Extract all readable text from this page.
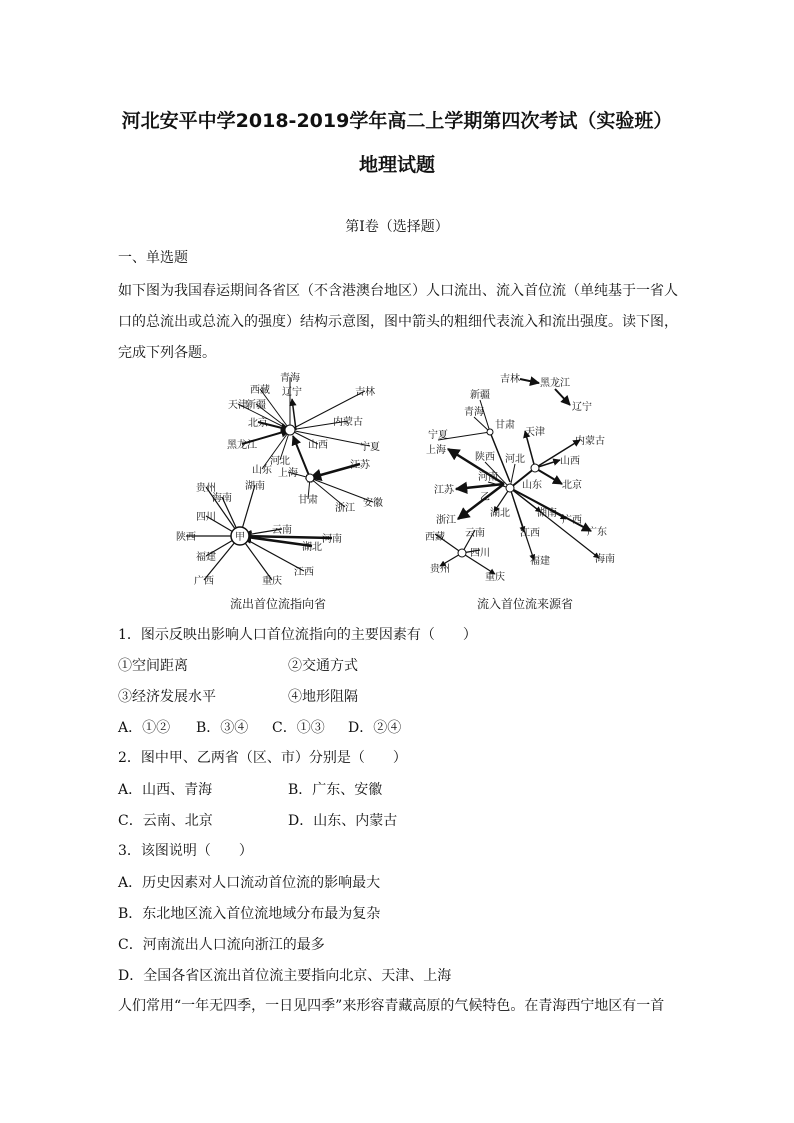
河北安平中学2018-2019学年高二上学期第四次考试（实验班）
地理试题
第Ⅰ卷（选择题）
一、单选题
如下图为我国春运期间各省区（不含港澳台地区）人口流出、流入首位流（单纯基于一省人
口的总流出或总流入的强度）结构示意图，图中箭头的粗细代表流入和流出强度。读下图，
完成下列各题。
青海
西藏
新疆
辽宁	吉林
天津
北京	内蒙古
黑龙江	山西	宁夏
河北
山东 上海
江苏
贵州
海南
湖南
甘肃
浙江 安徽
四川
云南
陕西	河南
福建
湖北
广西	重庆
江西
甲
吉林 黑龙江
新疆
辽宁
青海
甘肃
宁夏	天津
内蒙古
上海
陕西 河北	山西
江苏
河南
北京
乙
山东
浙江
湖北	湖南
广西
广东
西藏 云南	江西
海南
四川
福建
贵州
重庆
流出首位流指向省	流入首位流来源省
1．图示反映出影响人口首位流指向的主要因素有（　　）
①空间距离	②交通方式
③经济发展水平	④地形阻隔
A．①② B．③④ C．①③ D．②④
2．图中甲、乙两省（区、市）分别是（　　）
A．山西、青海	B．广东、安徽
C．云南、北京	D．山东、内蒙古
3．该图说明（　　）
A．历史因素对人口流动首位流的影响最大
B．东北地区流入首位流地域分布最为复杂
C．河南流出人口流向浙江的最多
D．全国各省区流出首位流主要指向北京、天津、上海
人们常用“一年无四季，一日见四季”来形容青藏高原的气候特色。在青海西宁地区有一首
